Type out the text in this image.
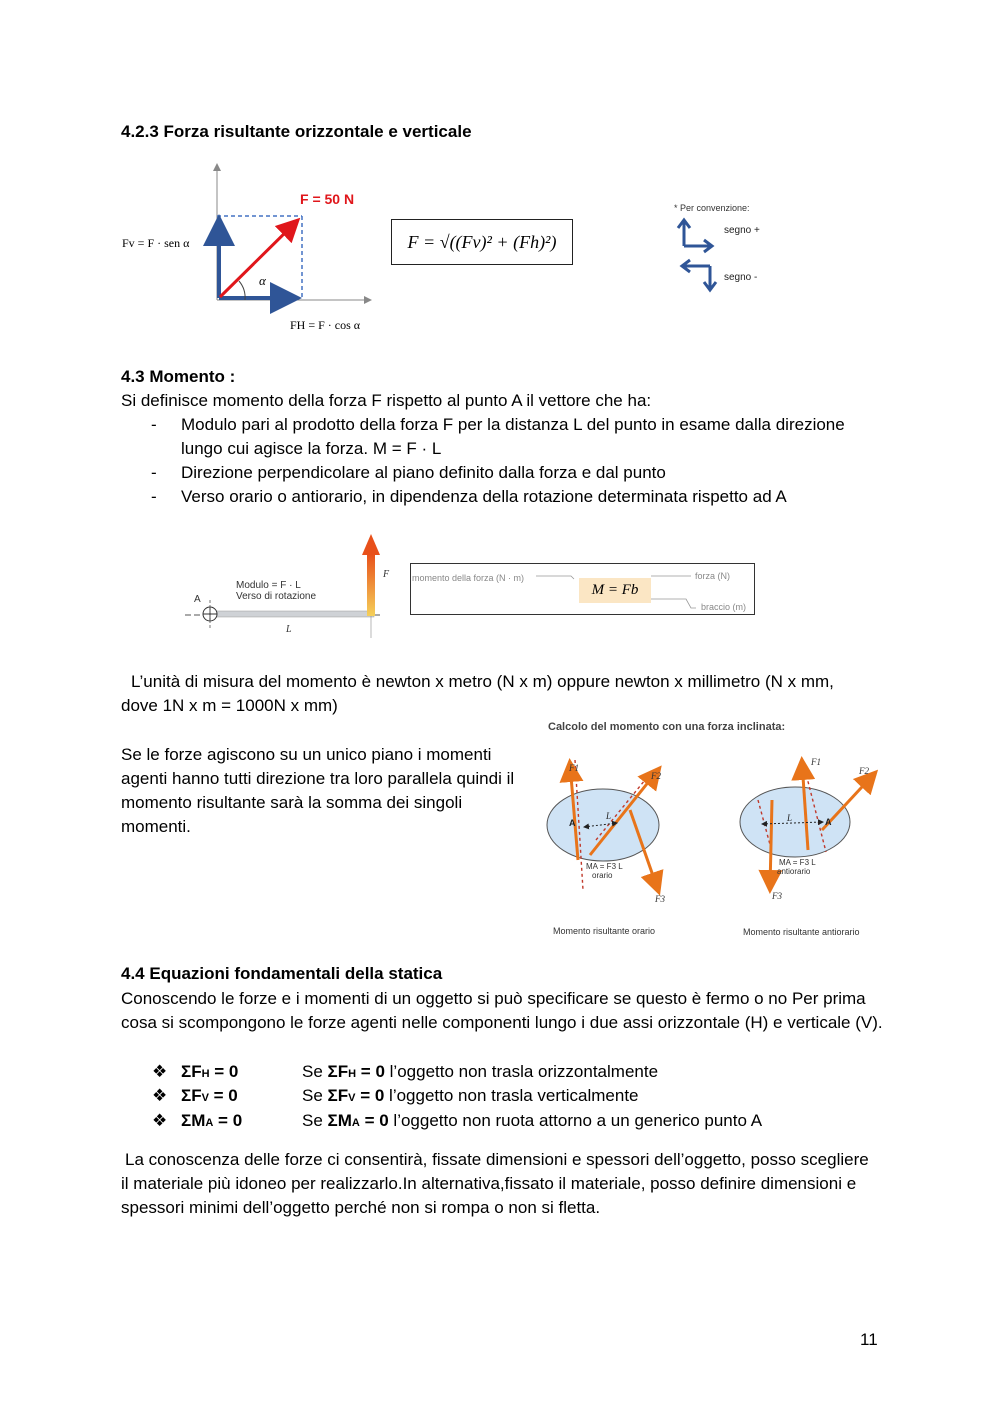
4.2.3 Forza risultante orizzontale e verticale
F = 50 N
α
Fv = F · sen α
FH = F · cos α
F = √((Fv)² + (Fh)²)
* Per convenzione:
segno +
segno -
4.3 Momento :
Si definisce momento della forza F rispetto al punto A il vettore che ha:
- Modulo pari al prodotto della forza F per la distanza L del punto in esame dalla direzione lungo cui agisce la forza. M = F · L
- Direzione perpendicolare al piano definito dalla forza e dal punto
- Verso orario o antiorario, in dipendenza della rotazione determinata rispetto ad A
Modulo = F · L
Verso di rotazione
A
F
L
momento della forza (N · m)
M = Fb
forza (N)
braccio (m)
L’unità di misura del momento è newton x metro (N x m) oppure newton x millimetro (N x mm, dove 1N x m = 1000N x mm)
Calcolo del momento con una forza inclinata:
Se le forze agiscono su un unico piano i momenti agenti hanno tutti direzione tra loro parallela quindi il momento risultante sarà la somma dei singoli momenti.
F1
F2
F3
A
L
MA = F3 L
orario
F1
F2
F3
A
L
MA = F3 L
antiorario
Momento risultante orario	Momento risultante antiorario
4.4 Equazioni fondamentali della statica
Conoscendo le forze e i momenti di un oggetto si può specificare se questo è fermo o no Per prima cosa si scompongono le forze agenti nelle componenti lungo i due assi orizzontale (H) e verticale (V).
❖ ΣFH = 0	Se ΣFH = 0 l’oggetto non trasla orizzontalmente
❖ ΣFV = 0	Se ΣFV = 0 l’oggetto non trasla verticalmente
❖ ΣMA = 0	Se ΣMA = 0 l’oggetto non ruota attorno a un generico punto A
La conoscenza delle forze ci consentirà, fissate dimensioni e spessori dell’oggetto, posso scegliere il materiale più idoneo per realizzarlo.In alternativa,fissato il materiale, posso definire dimensioni e spessori minimi dell’oggetto perché non si rompa o non si fletta.
11
